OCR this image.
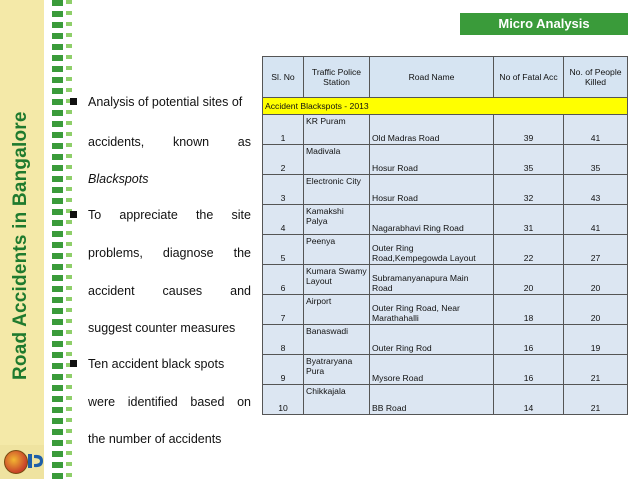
Road Accidents in Bangalore
Micro Analysis
Analysis of potential sites of
accidents, known as
Blackspots
To appreciate the site
problems, diagnose the
accident causes and
suggest counter measures
Ten accident black spots
were identified based on
the number of accidents
Accident Blackspots - 2013				
Sl. No	Traffic Police Station	Road Name	No of Fatal Acc	No. of People Killed
1	KR Puram	Old Madras Road	39	41
2	Madivala	Hosur Road	35	35
3	Electronic City	Hosur Road	32	43
4	Kamakshi Palya	Nagarabhavi Ring Road	31	41
5	Peenya	Outer Ring Road,Kempegowda Layout	22	27
6	Kumara Swamy Layout	Subramanyanapura Main Road	20	20
7	Airport	Outer Ring Road, Near Marathahalli	18	20
8	Banaswadi	Outer Ring Rod	16	19
9	Byatraryana Pura	Mysore Road	16	21
10	Chikkajala	BB Road	14	21
